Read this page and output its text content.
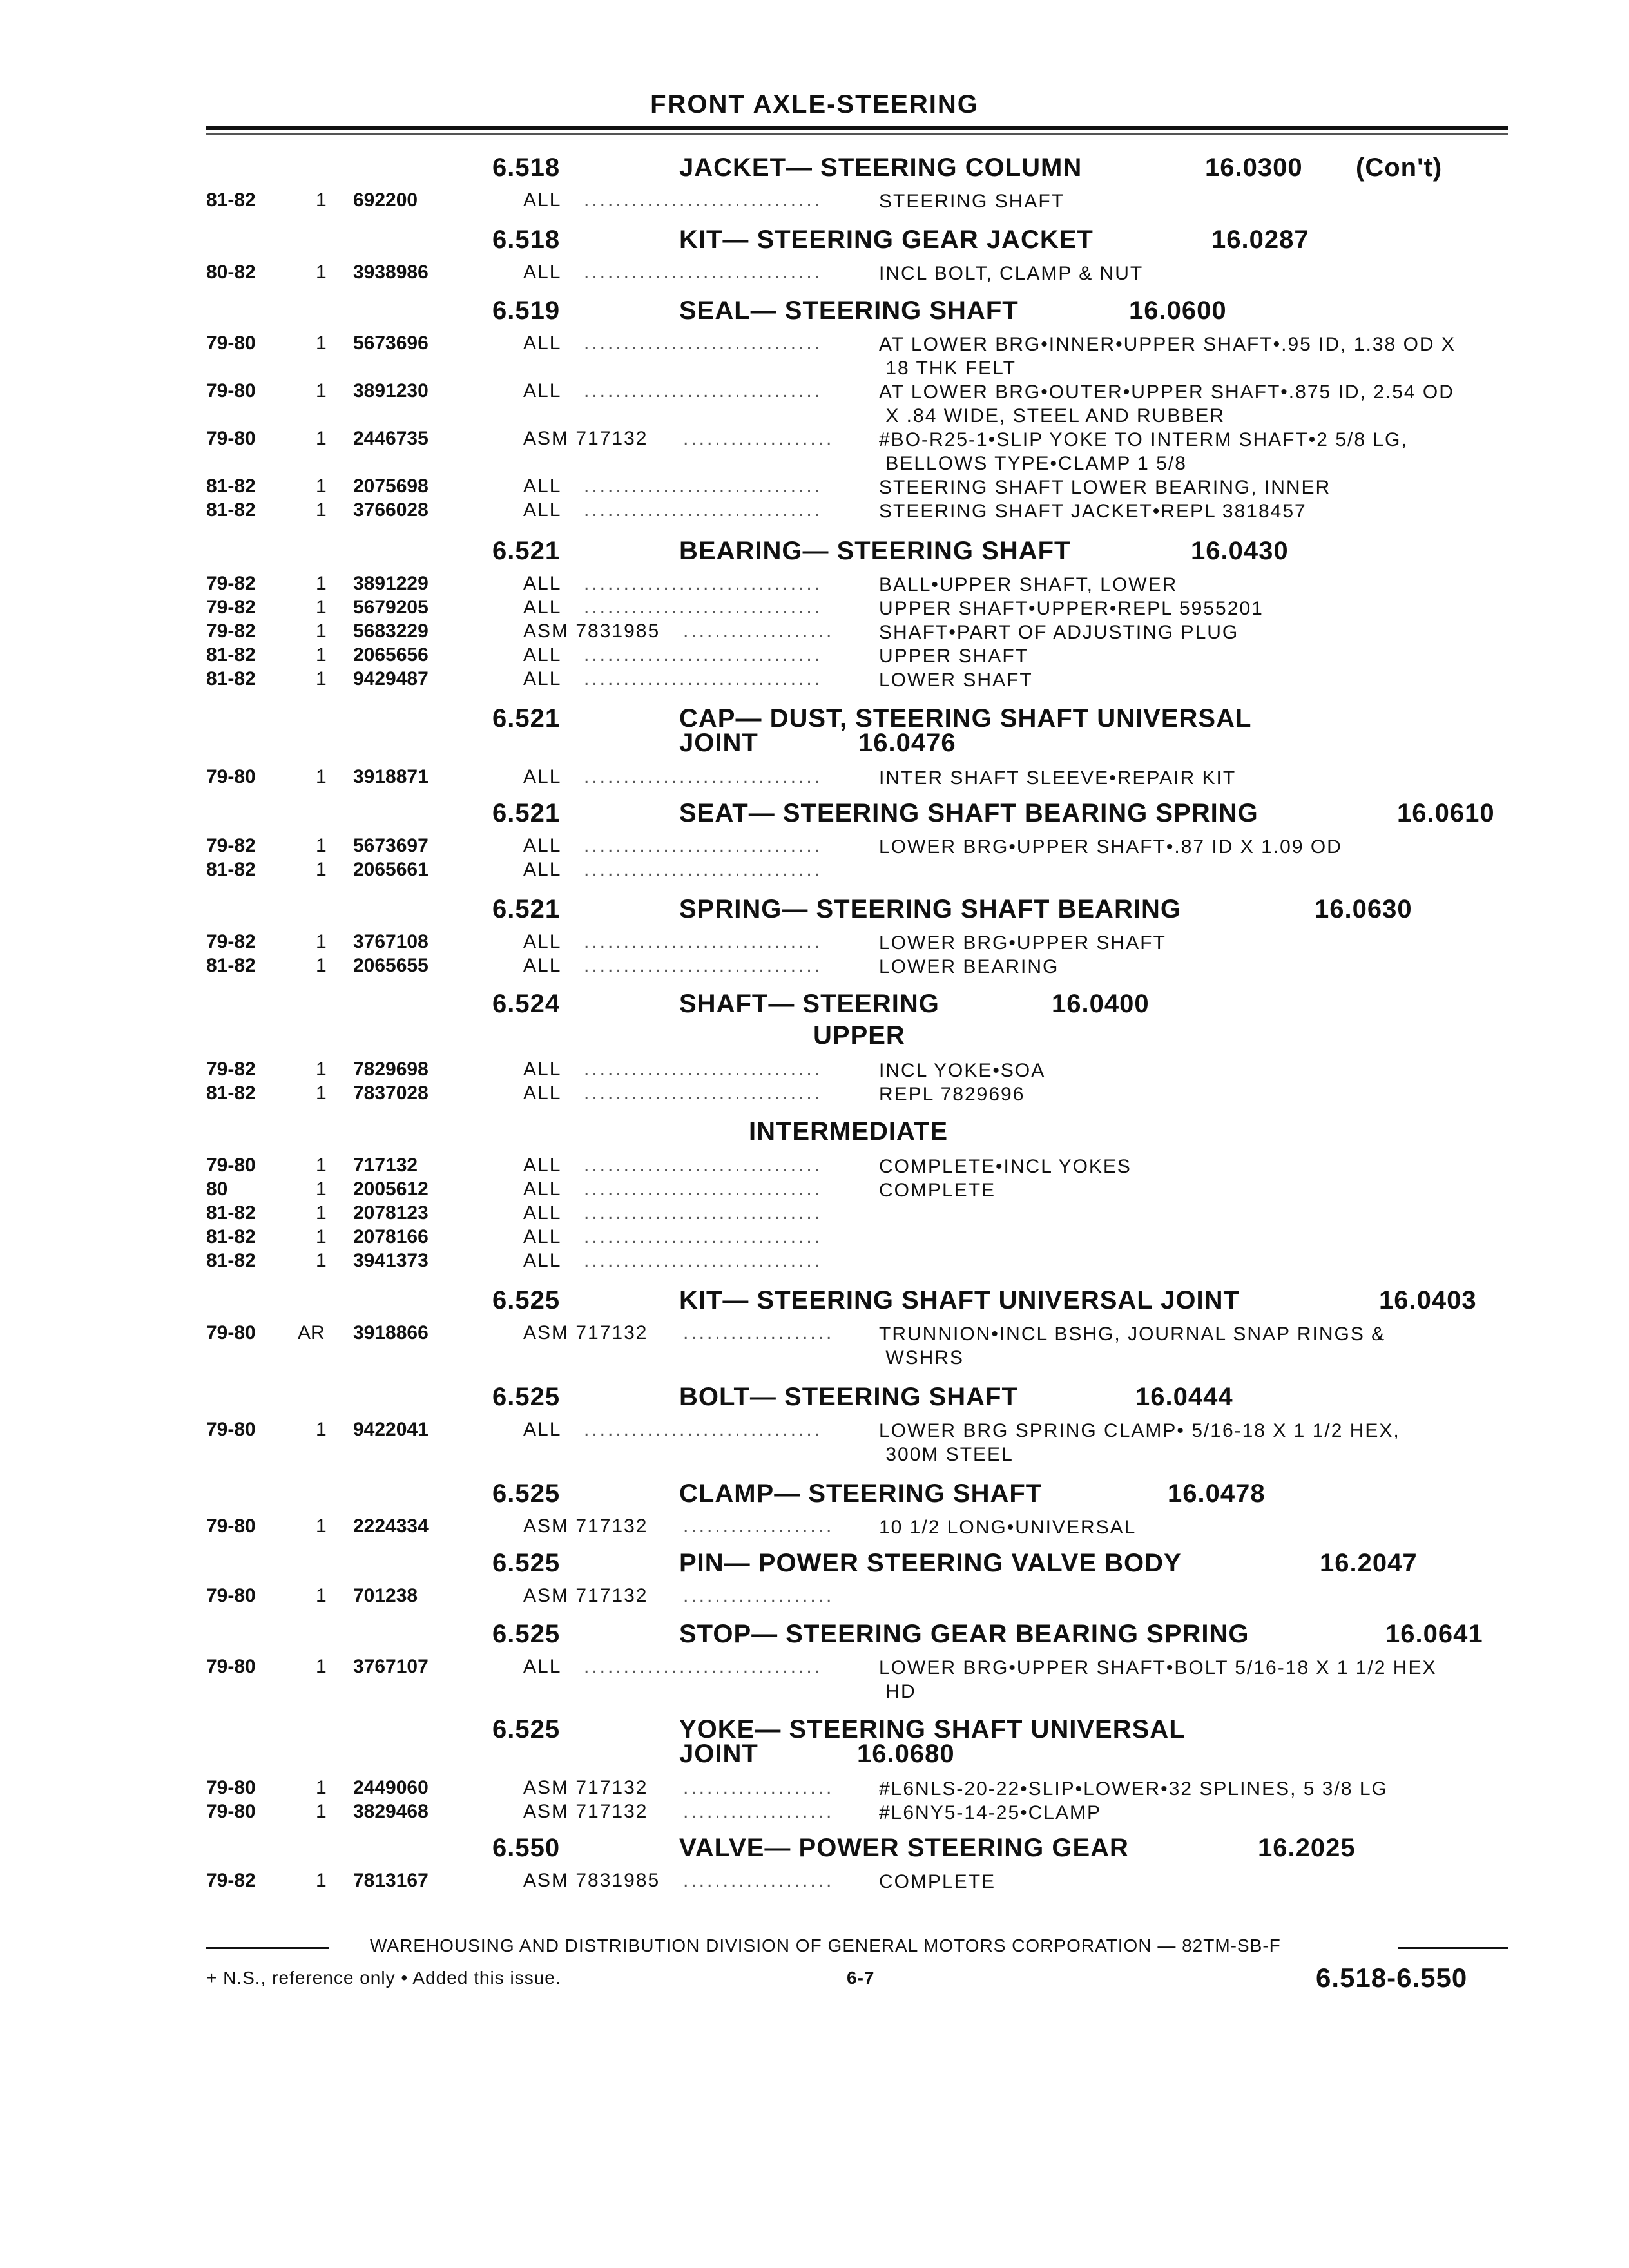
FRONT AXLE-STEERING
6.518	JACKET— STEERING COLUMN	16.0300 (Con't)
81-82	1 692200	ALL ..............................	STEERING SHAFT
6.518	KIT— STEERING GEAR JACKET	16.0287
80-82	1 3938986	ALL ..............................	INCL BOLT, CLAMP & NUT
6.519	SEAL— STEERING SHAFT	16.0600
79-80	1 5673696	ALL ..............................	AT LOWER BRG•INNER•UPPER SHAFT•.95 ID, 1.38 OD X
18 THK FELT
79-80	1 3891230	ALL ..............................	AT LOWER BRG•OUTER•UPPER SHAFT•.875 ID, 2.54 OD
X .84 WIDE, STEEL AND RUBBER
79-80	1 2446735	ASM 717132 ................... #BO-R25-1•SLIP YOKE TO INTERM SHAFT•2 5/8 LG,
BELLOWS TYPE•CLAMP 1 5/8
81-82	1 2075698	ALL ..............................	STEERING SHAFT LOWER BEARING, INNER
81-82	1 3766028	ALL ..............................	STEERING SHAFT JACKET•REPL 3818457
6.521	BEARING— STEERING SHAFT	16.0430
79-82	1 3891229	ALL ..............................	BALL•UPPER SHAFT, LOWER
79-82	1 5679205	ALL ..............................	UPPER SHAFT•UPPER•REPL 5955201
79-82	1 5683229	ASM 7831985 ................... SHAFT•PART OF ADJUSTING PLUG
81-82	1 2065656	ALL ..............................	UPPER SHAFT
81-82	1 9429487	ALL ..............................	LOWER SHAFT
6.521	CAP— DUST, STEERING SHAFT UNIVERSAL
JOINT	16.0476
79-80	1 3918871	ALL ..............................	INTER SHAFT SLEEVE•REPAIR KIT
6.521	SEAT— STEERING SHAFT BEARING SPRING	16.0610
79-82	1 5673697	ALL ..............................	LOWER BRG•UPPER SHAFT•.87 ID X 1.09 OD
81-82	1 2065661	ALL ..............................
6.521	SPRING— STEERING SHAFT BEARING	16.0630
79-82	1 3767108	ALL ..............................	LOWER BRG•UPPER SHAFT
81-82	1 2065655	ALL ..............................	LOWER BEARING
6.524	SHAFT— STEERING	16.0400
UPPER
79-82	1 7829698	ALL ..............................	INCL YOKE•SOA
81-82	1 7837028	ALL ..............................	REPL 7829696
INTERMEDIATE
79-80	1 717132	ALL ..............................	COMPLETE•INCL YOKES
80	1 2005612	ALL ..............................	COMPLETE
81-82	1 2078123	ALL ..............................
81-82	1 2078166	ALL ..............................
81-82	1 3941373	ALL ..............................
6.525	KIT— STEERING SHAFT UNIVERSAL JOINT	16.0403
79-80 AR 3918866	ASM 717132 ................... TRUNNION•INCL BSHG, JOURNAL SNAP RINGS &
WSHRS
6.525	BOLT— STEERING SHAFT	16.0444
79-80	1 9422041	ALL ..............................	LOWER BRG SPRING CLAMP• 5/16-18 X 1 1/2 HEX,
300M STEEL
6.525	CLAMP— STEERING SHAFT	16.0478
79-80	1 2224334	ASM 717132 ................... 10 1/2 LONG•UNIVERSAL
6.525	PIN— POWER STEERING VALVE BODY	16.2047
79-80	1 701238	ASM 717132 ...................
6.525	STOP— STEERING GEAR BEARING SPRING	16.0641
79-80	1 3767107	ALL ..............................	LOWER BRG•UPPER SHAFT•BOLT 5/16-18 X 1 1/2 HEX
HD
6.525	YOKE— STEERING SHAFT UNIVERSAL
JOINT	16.0680
79-80	1 2449060	ASM 717132 ................... #L6NLS-20-22•SLIP•LOWER•32 SPLINES, 5 3/8 LG
79-80	1 3829468	ASM 717132 ................... #L6NY5-14-25•CLAMP
6.550	VALVE— POWER STEERING GEAR	16.2025
79-82	1 7813167	ASM 7831985 ................... COMPLETE
WAREHOUSING AND DISTRIBUTION DIVISION OF GENERAL MOTORS CORPORATION — 82TM-SB-F
+ N.S., reference only • Added this issue.	6-7	6.518-6.550
